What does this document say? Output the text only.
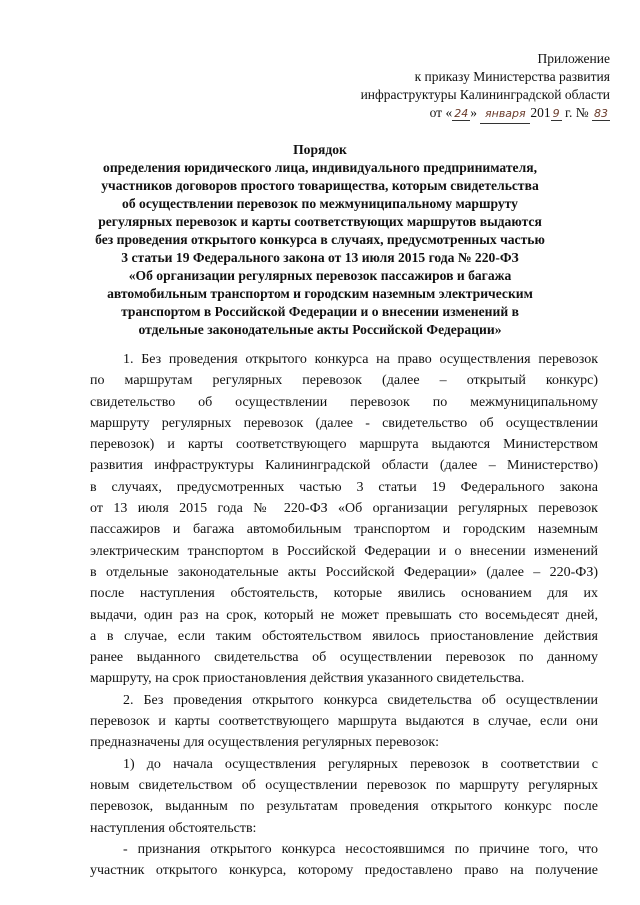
Приложение
к приказу Министерства развития
инфраструктуры Калининградской области
от « 24 » января 201 9 г. № 83
Порядок
определения юридического лица, индивидуального предпринимателя,
участников договоров простого товарищества, которым свидетельства
об осуществлении перевозок по межмуниципальному маршруту
регулярных перевозок и карты соответствующих маршрутов выдаются
без проведения открытого конкурса в случаях, предусмотренных частью
3 статьи 19 Федерального закона от 13 июля 2015 года № 220-ФЗ
«Об организации регулярных перевозок пассажиров и багажа
автомобильным транспортом и городским наземным электрическим
транспортом в Российской Федерации и о внесении изменений в
отдельные законодательные акты Российской Федерации»

1. Без проведения открытого конкурса на право осуществления перевозок
по маршрутам регулярных перевозок (далее – открытый конкурс)
свидетельство об осуществлении перевозок по межмуниципальному
маршруту регулярных перевозок (далее - свидетельство об осуществлении
перевозок) и карты соответствующего маршрута выдаются Министерством
развития инфраструктуры Калининградской области (далее – Министерство)
в случаях, предусмотренных частью 3 статьи 19 Федерального закона
от 13 июля 2015 года № 220-ФЗ «Об организации регулярных перевозок
пассажиров и багажа автомобильным транспортом и городским наземным
электрическим транспортом в Российской Федерации и о внесении изменений
в отдельные законодательные акты Российской Федерации» (далее – 220-ФЗ)
после наступления обстоятельств, которые явились основанием для их
выдачи, один раз на срок, который не может превышать сто восемьдесят дней,
а в случае, если таким обстоятельством явилось приостановление действия
ранее выданного свидетельства об осуществлении перевозок по данному
маршруту, на срок приостановления действия указанного свидетельства.

2. Без проведения открытого конкурса свидетельства об осуществлении
перевозок и карты соответствующего маршрута выдаются в случае, если они
предназначены для осуществления регулярных перевозок:

1) до начала осуществления регулярных перевозок в соответствии с
новым свидетельством об осуществлении перевозок по маршруту регулярных
перевозок, выданным по результатам проведения открытого конкурс после
наступления обстоятельств:

- признания открытого конкурса несостоявшимся по причине того, что
участник открытого конкурса, которому предоставлено право на получение
